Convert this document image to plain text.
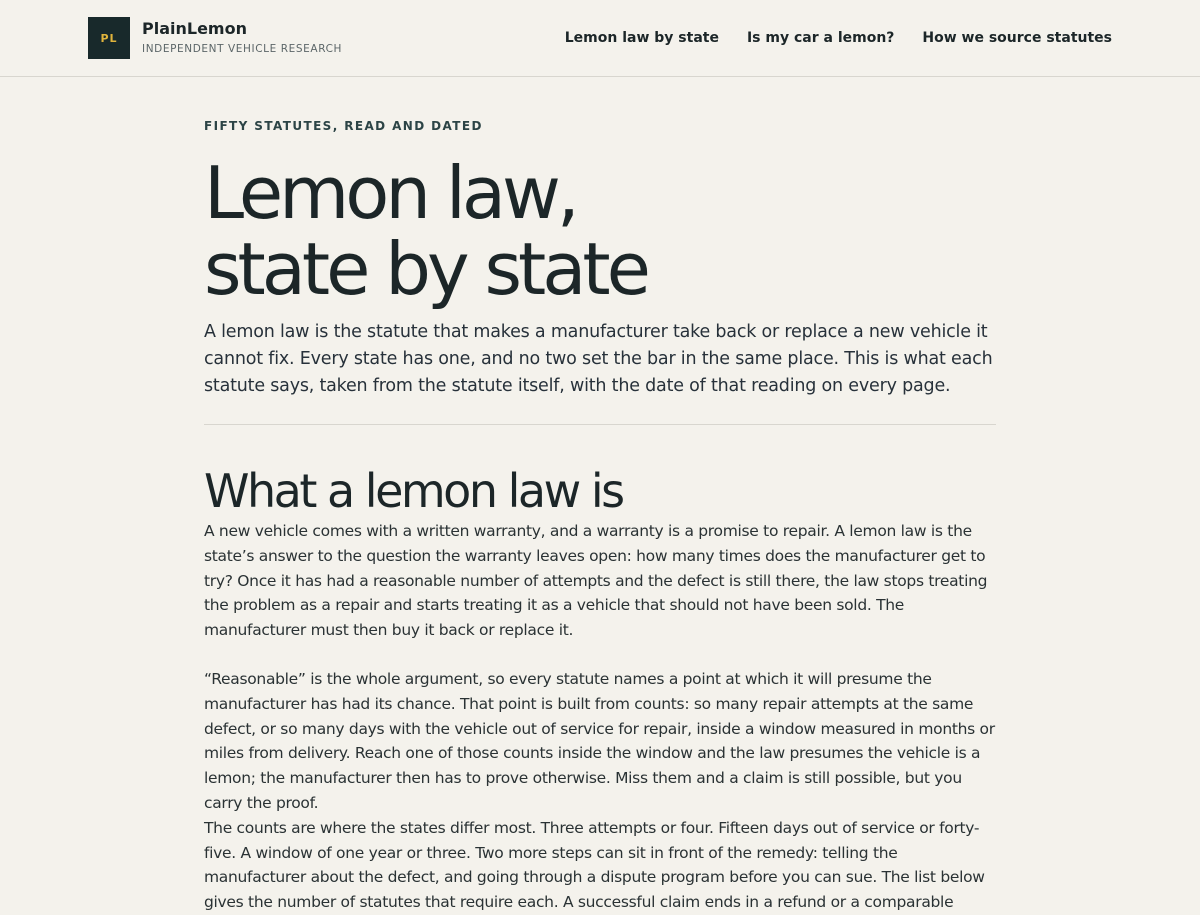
PL	PlainLemon
INDEPENDENT VEHICLE RESEARCH
Lemon law by state Is my car a lemon? How we source statutes
FIFTY STATUTES, READ AND DATED
Lemon law,
state by state

A lemon law is the statute that makes a manufacturer take back or replace a new vehicle it cannot fix. Every state has one, and no two set the bar in the same place. This is what each statute says, taken from the statute itself, with the date of that reading on every page.

What a lemon law is

A new vehicle comes with a written warranty, and a warranty is a promise to repair. A lemon law is the state’s answer to the question the warranty leaves open: how many times does the manufacturer get to try? Once it has had a reasonable number of attempts and the defect is still there, the law stops treating the problem as a repair and starts treating it as a vehicle that should not have been sold. The manufacturer must then buy it back or replace it.

“Reasonable” is the whole argument, so every statute names a point at which it will presume the manufacturer has had its chance. That point is built from counts: so many repair attempts at the same defect, or so many days with the vehicle out of service for repair, inside a window measured in months or miles from delivery. Reach one of those counts inside the window and the law presumes the vehicle is a lemon; the manufacturer then has to prove otherwise. Miss them and a claim is still possible, but you carry the proof.

The counts are where the states differ most. Three attempts or four. Fifteen days out of service or forty-five. A window of one year or three. Two more steps can sit in front of the remedy: telling the manufacturer about the defect, and going through a dispute program before you can sue. The list below gives the number of statutes that require each. A successful claim ends in a refund or a comparable
